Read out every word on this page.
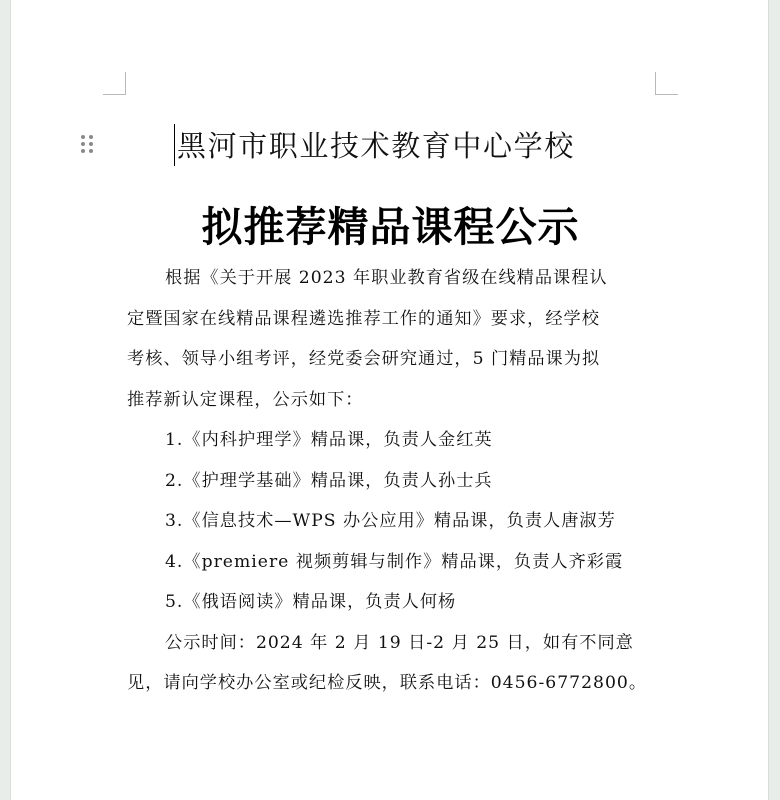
黑河市职业技术教育中心学校
拟推荐精品课程公示
根据《关于开展 2023 年职业教育省级在线精品课程认
定暨国家在线精品课程遴选推荐工作的通知》要求，经学校
考核、领导小组考评，经党委会研究通过，5 门精品课为拟
推荐新认定课程，公示如下：
1.《内科护理学》精品课，负责人金红英
2.《护理学基础》精品课，负责人孙士兵
3.《信息技术—WPS 办公应用》精品课，负责人唐淑芳
4.《premiere 视频剪辑与制作》精品课，负责人齐彩霞
5.《俄语阅读》精品课，负责人何杨
公示时间：2024 年 2 月 19 日-2 月 25 日，如有不同意
见，请向学校办公室或纪检反映，联系电话：0456-6772800。
